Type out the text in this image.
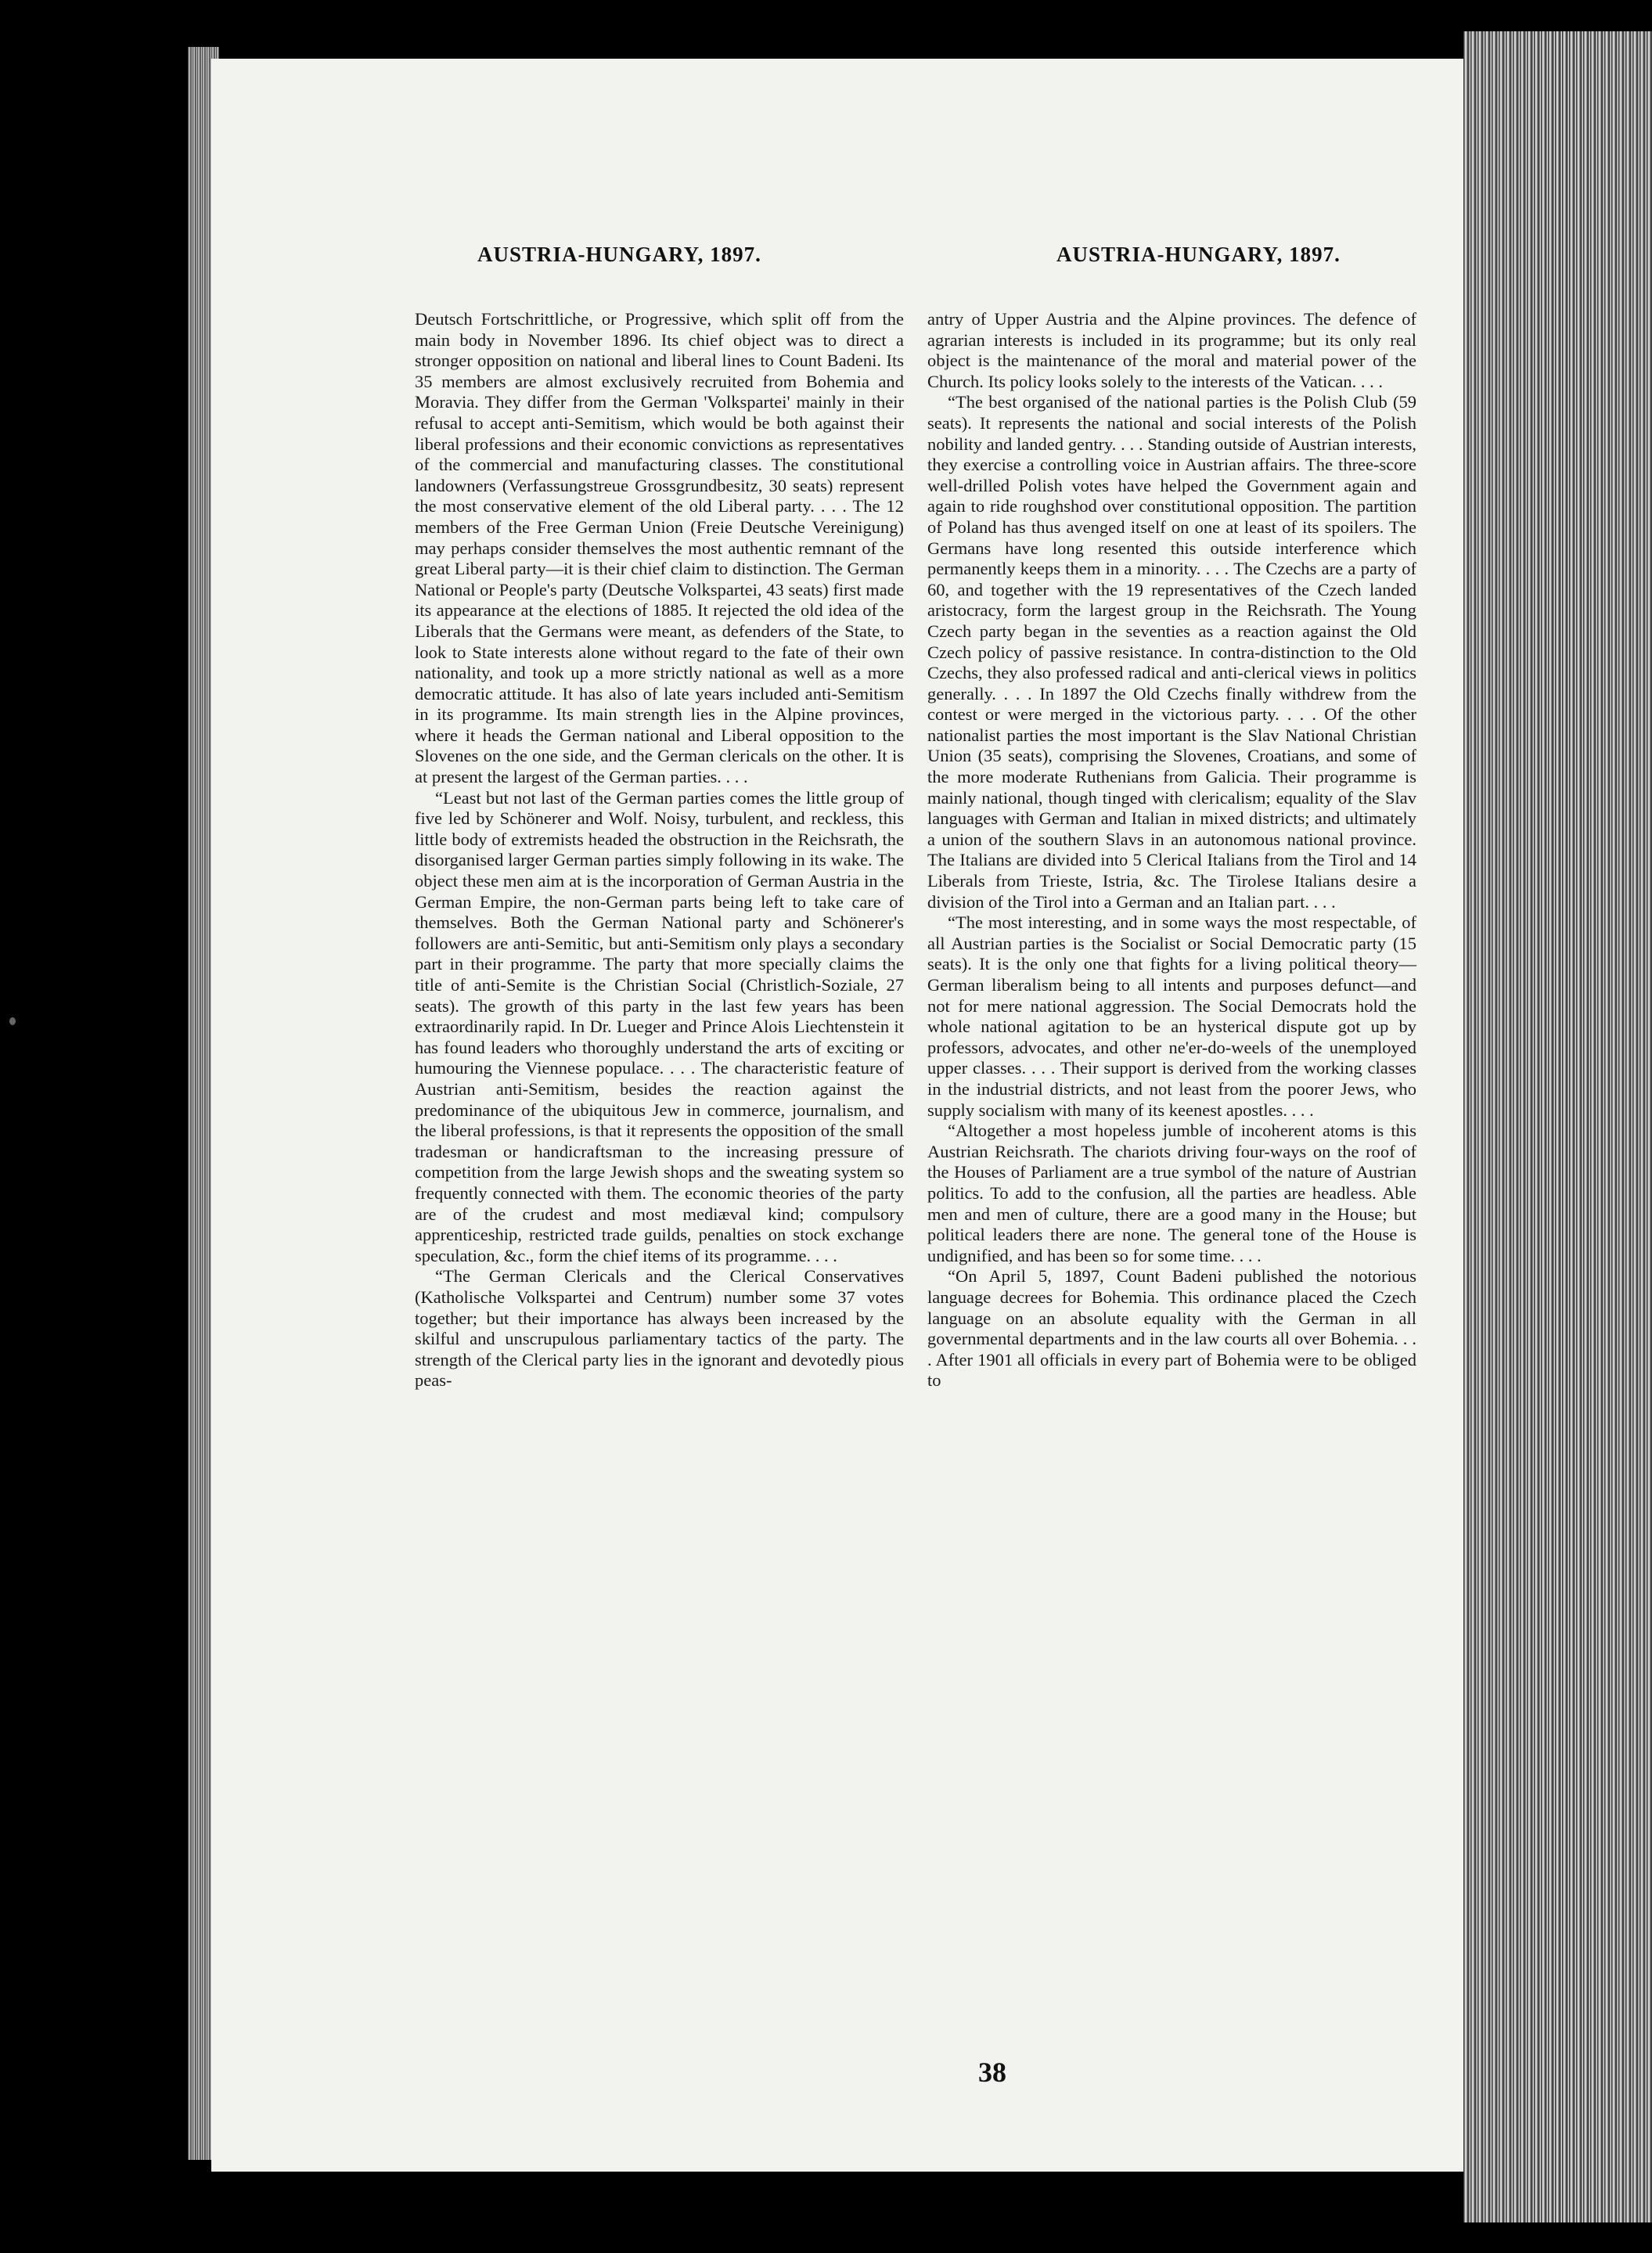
AUSTRIA-HUNGARY, 1897.	AUSTRIA-HUNGARY, 1897.

Deutsch Fortschrittliche, or Progressive, which split off from the main body in November 1896. Its chief object was to direct a stronger opposition on national and liberal lines to Count Badeni. Its 35 members are almost exclusively recruited from Bohemia and Moravia. They differ from the German 'Volkspartei' mainly in their refusal to accept anti-Semitism, which would be both against their liberal professions and their economic convictions as representatives of the commercial and manufacturing classes. The constitutional landowners (Verfassungstreue Grossgrundbesitz, 30 seats) represent the most conservative element of the old Liberal party. . . . The 12 members of the Free German Union (Freie Deutsche Vereinigung) may perhaps consider themselves the most authentic remnant of the great Liberal party—it is their chief claim to distinction. The German National or People's party (Deutsche Volkspartei, 43 seats) first made its appearance at the elections of 1885. It rejected the old idea of the Liberals that the Germans were meant, as defenders of the State, to look to State interests alone without regard to the fate of their own nationality, and took up a more strictly national as well as a more democratic attitude. It has also of late years included anti-Semitism in its programme. Its main strength lies in the Alpine provinces, where it heads the German national and Liberal opposition to the Slovenes on the one side, and the German clericals on the other. It is at present the largest of the German parties. . . .

“Least but not last of the German parties comes the little group of five led by Schönerer and Wolf. Noisy, turbulent, and reckless, this little body of extremists headed the obstruction in the Reichsrath, the disorganised larger German parties simply following in its wake. The object these men aim at is the incorporation of German Austria in the German Empire, the non-German parts being left to take care of themselves. Both the German National party and Schönerer's followers are anti-Semitic, but anti-Semitism only plays a secondary part in their programme. The party that more specially claims the title of anti-Semite is the Christian Social (Christlich-Soziale, 27 seats). The growth of this party in the last few years has been extraordinarily rapid. In Dr. Lueger and Prince Alois Liechtenstein it has found leaders who thoroughly understand the arts of exciting or humouring the Viennese populace. . . . The characteristic feature of Austrian anti-Semitism, besides the reaction against the predominance of the ubiquitous Jew in commerce, journalism, and the liberal professions, is that it represents the opposition of the small tradesman or handicraftsman to the increasing pressure of competition from the large Jewish shops and the sweating system so frequently connected with them. The economic theories of the party are of the crudest and most mediæval kind; compulsory apprenticeship, restricted trade guilds, penalties on stock exchange speculation, &c., form the chief items of its programme. . . .

“The German Clericals and the Clerical Conservatives (Katholische Volkspartei and Centrum) number some 37 votes together; but their importance has always been increased by the skilful and unscrupulous parliamentary tactics of the party. The strength of the Clerical party lies in the ignorant and devotedly pious peas-

antry of Upper Austria and the Alpine provinces. The defence of agrarian interests is included in its programme; but its only real object is the maintenance of the moral and material power of the Church. Its policy looks solely to the interests of the Vatican. . . .

“The best organised of the national parties is the Polish Club (59 seats). It represents the national and social interests of the Polish nobility and landed gentry. . . . Standing outside of Austrian interests, they exercise a controlling voice in Austrian affairs. The three-score well-drilled Polish votes have helped the Government again and again to ride roughshod over constitutional opposition. The partition of Poland has thus avenged itself on one at least of its spoilers. The Germans have long resented this outside interference which permanently keeps them in a minority. . . . The Czechs are a party of 60, and together with the 19 representatives of the Czech landed aristocracy, form the largest group in the Reichsrath. The Young Czech party began in the seventies as a reaction against the Old Czech policy of passive resistance. In contra-distinction to the Old Czechs, they also professed radical and anti-clerical views in politics generally. . . . In 1897 the Old Czechs finally withdrew from the contest or were merged in the victorious party. . . . Of the other nationalist parties the most important is the Slav National Christian Union (35 seats), comprising the Slovenes, Croatians, and some of the more moderate Ruthenians from Galicia. Their programme is mainly national, though tinged with clericalism; equality of the Slav languages with German and Italian in mixed districts; and ultimately a union of the southern Slavs in an autonomous national province. The Italians are divided into 5 Clerical Italians from the Tirol and 14 Liberals from Trieste, Istria, &c. The Tirolese Italians desire a division of the Tirol into a German and an Italian part. . . .

“The most interesting, and in some ways the most respectable, of all Austrian parties is the Socialist or Social Democratic party (15 seats). It is the only one that fights for a living political theory—German liberalism being to all intents and purposes defunct—and not for mere national aggression. The Social Democrats hold the whole national agitation to be an hysterical dispute got up by professors, advocates, and other ne'er-do-weels of the unemployed upper classes. . . . Their support is derived from the working classes in the industrial districts, and not least from the poorer Jews, who supply socialism with many of its keenest apostles. . . .

“Altogether a most hopeless jumble of incoherent atoms is this Austrian Reichsrath. The chariots driving four-ways on the roof of the Houses of Parliament are a true symbol of the nature of Austrian politics. To add to the confusion, all the parties are headless. Able men and men of culture, there are a good many in the House; but political leaders there are none. The general tone of the House is undignified, and has been so for some time. . . .

“On April 5, 1897, Count Badeni published the notorious language decrees for Bohemia. This ordinance placed the Czech language on an absolute equality with the German in all governmental departments and in the law courts all over Bohemia. . . . After 1901 all officials in every part of Bohemia were to be obliged to

38
